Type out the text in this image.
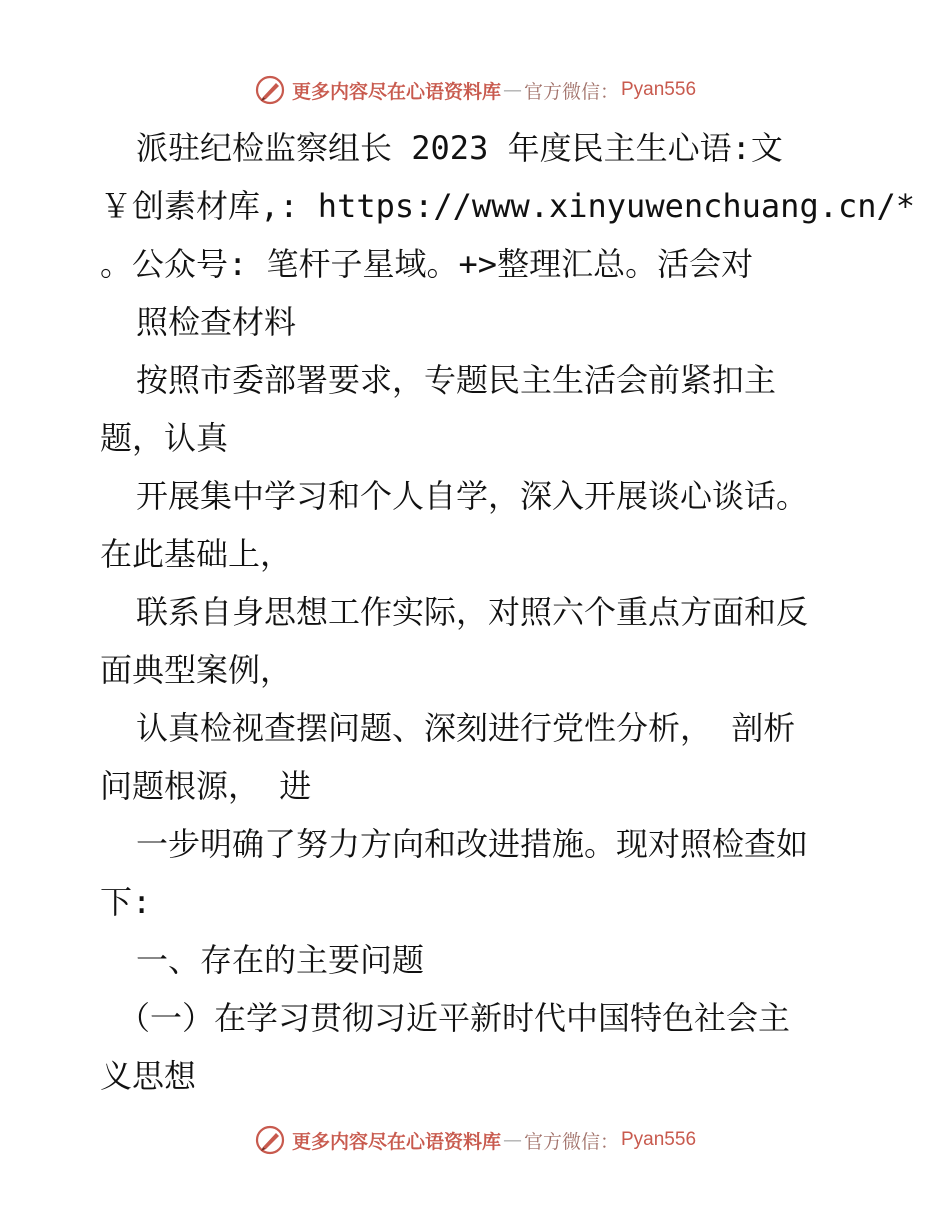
更多内容尽在心语资料库 — 官方微信： Pyan556
派驻纪检监察组长 2023 年度民主生心语:文
￥创素材库,: https://www.xinyuwenchuang.cn/*
。公众号: 笔杆子星域。+>整理汇总。活会对
照检查材料
按照市委部署要求，专题民主生活会前紧扣主
题，认真
开展集中学习和个人自学，深入开展谈心谈话。
在此基础上，
联系自身思想工作实际，对照六个重点方面和反
面典型案例，
认真检视查摆问题、深刻进行党性分析， 剖析
问题根源， 进
一步明确了努力方向和改进措施。现对照检查如
下:
一、存在的主要问题
（一）在学习贯彻习近平新时代中国特色社会主
义思想
更多内容尽在心语资料库 — 官方微信： Pyan556
